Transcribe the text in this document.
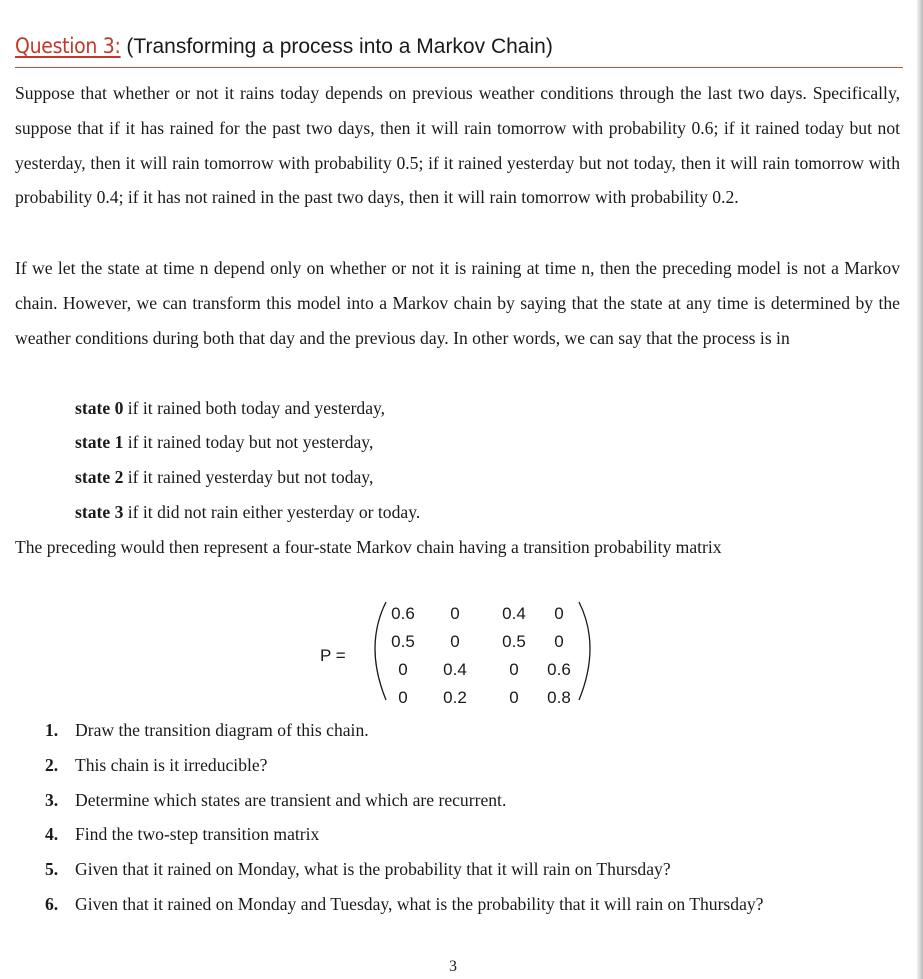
Question 3: (Transforming a process into a Markov Chain)
Suppose that whether or not it rains today depends on previous weather conditions through the last two days. Specifically, suppose that if it has rained for the past two days, then it will rain tomorrow with probability 0.6; if it rained today but not yesterday, then it will rain tomorrow with probability 0.5; if it rained yesterday but not today, then it will rain tomorrow with probability 0.4; if it has not rained in the past two days, then it will rain tomorrow with probability 0.2.
If we let the state at time n depend only on whether or not it is raining at time n, then the preceding model is not a Markov chain. However, we can transform this model into a Markov chain by saying that the state at any time is determined by the weather conditions during both that day and the previous day. In other words, we can say that the process is in
state 0 if it rained both today and yesterday,
state 1 if it rained today but not yesterday,
state 2 if it rained yesterday but not today,
state 3 if it did not rain either yesterday or today.
The preceding would then represent a four-state Markov chain having a transition probability matrix
P =
0.6 0 0.4 0
0.5 0 0.5 0
0 0.4 0 0.6
0 0.2 0 0.8
1. Draw the transition diagram of this chain.
2. This chain is it irreducible?
3. Determine which states are transient and which are recurrent.
4. Find the two-step transition matrix
5. Given that it rained on Monday, what is the probability that it will rain on Thursday?
6. Given that it rained on Monday and Tuesday, what is the probability that it will rain on Thursday?
3
